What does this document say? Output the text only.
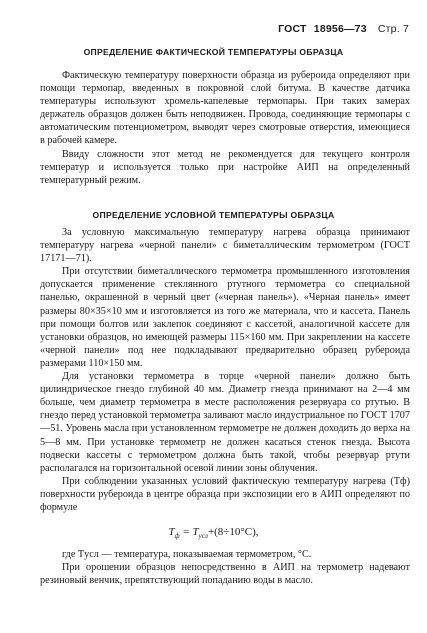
ГОСТ 18956—73 Стр. 7
ОПРЕДЕЛЕНИЕ ФАКТИЧЕСКОЙ ТЕМПЕРАТУРЫ ОБРАЗЦА

Фактическую температуру поверхности образца из рубероида определяют при помощи термопар, введенных в покровной слой битума. В качестве датчика температуры используют хромель-капелевые термопары. При таких замерах держатель образцов должен быть неподвижен. Провода, соединяющие термопары с автоматическим потенциометром, выводят через смотровые отверстия, имеющиеся в рабочей камере.

Ввиду сложности этот метод не рекомендуется для текущего контроля температур и используется только при настройке АИП на определенный температурный режим.

ОПРЕДЕЛЕНИЕ УСЛОВНОЙ ТЕМПЕРАТУРЫ ОБРАЗЦА

За условную максимальную температуру нагрева образца принимают температуру нагрева «черной панели» с биметаллическим термометром (ГОСТ 17171—71).

При отсутствии биметаллического термометра промышленного изготовления допускается применение стеклянного ртутного термометра со специальной панелью, окрашенной в черный цвет («черная панель»). «Черная панель» имеет размеры 80×35×10 мм и изготовляется из того же материала, что и кассета. Панель при помощи болтов или заклепок соединяют с кассетой, аналогичной кассете для установки образцов, но имеющей размеры 115×160 мм. При закреплении на кассете «черной панели» под нее подкладывают предварительно образец рубероида размерами 110×150 мм.

Для установки термометра в торце «черной панели» должно быть цилиндрическое гнездо глубиной 40 мм. Диаметр гнезда принимают на 2—4 мм больше, чем диаметр термометра в месте расположения резервуара со ртутью. В гнездо перед установкой термометра заливают масло индустриальное по ГОСТ 1707—51. Уровень масла при установленном термометре не должен доходить до верха на 5—8 мм. При установке термометр не должен касаться стенок гнезда. Высота подвески кассеты с термометром должна быть такой, чтобы резервуар ртути располагался на горизонтальной осевой линии зоны облучения.

При соблюдении указанных условий фактическую температуру нагрева (Тф) поверхности рубероида в центре образца при экспозиции его в АИП определяют по формуле

$T_ф = T_{усл}+(8\div 10^\circ C)$,

где Tусл — температура, показываемая термометром, °C.

При орошении образцов непосредственно в АИП на термометр надевают резиновый венчик, препятствующий попаданию воды в масло.
